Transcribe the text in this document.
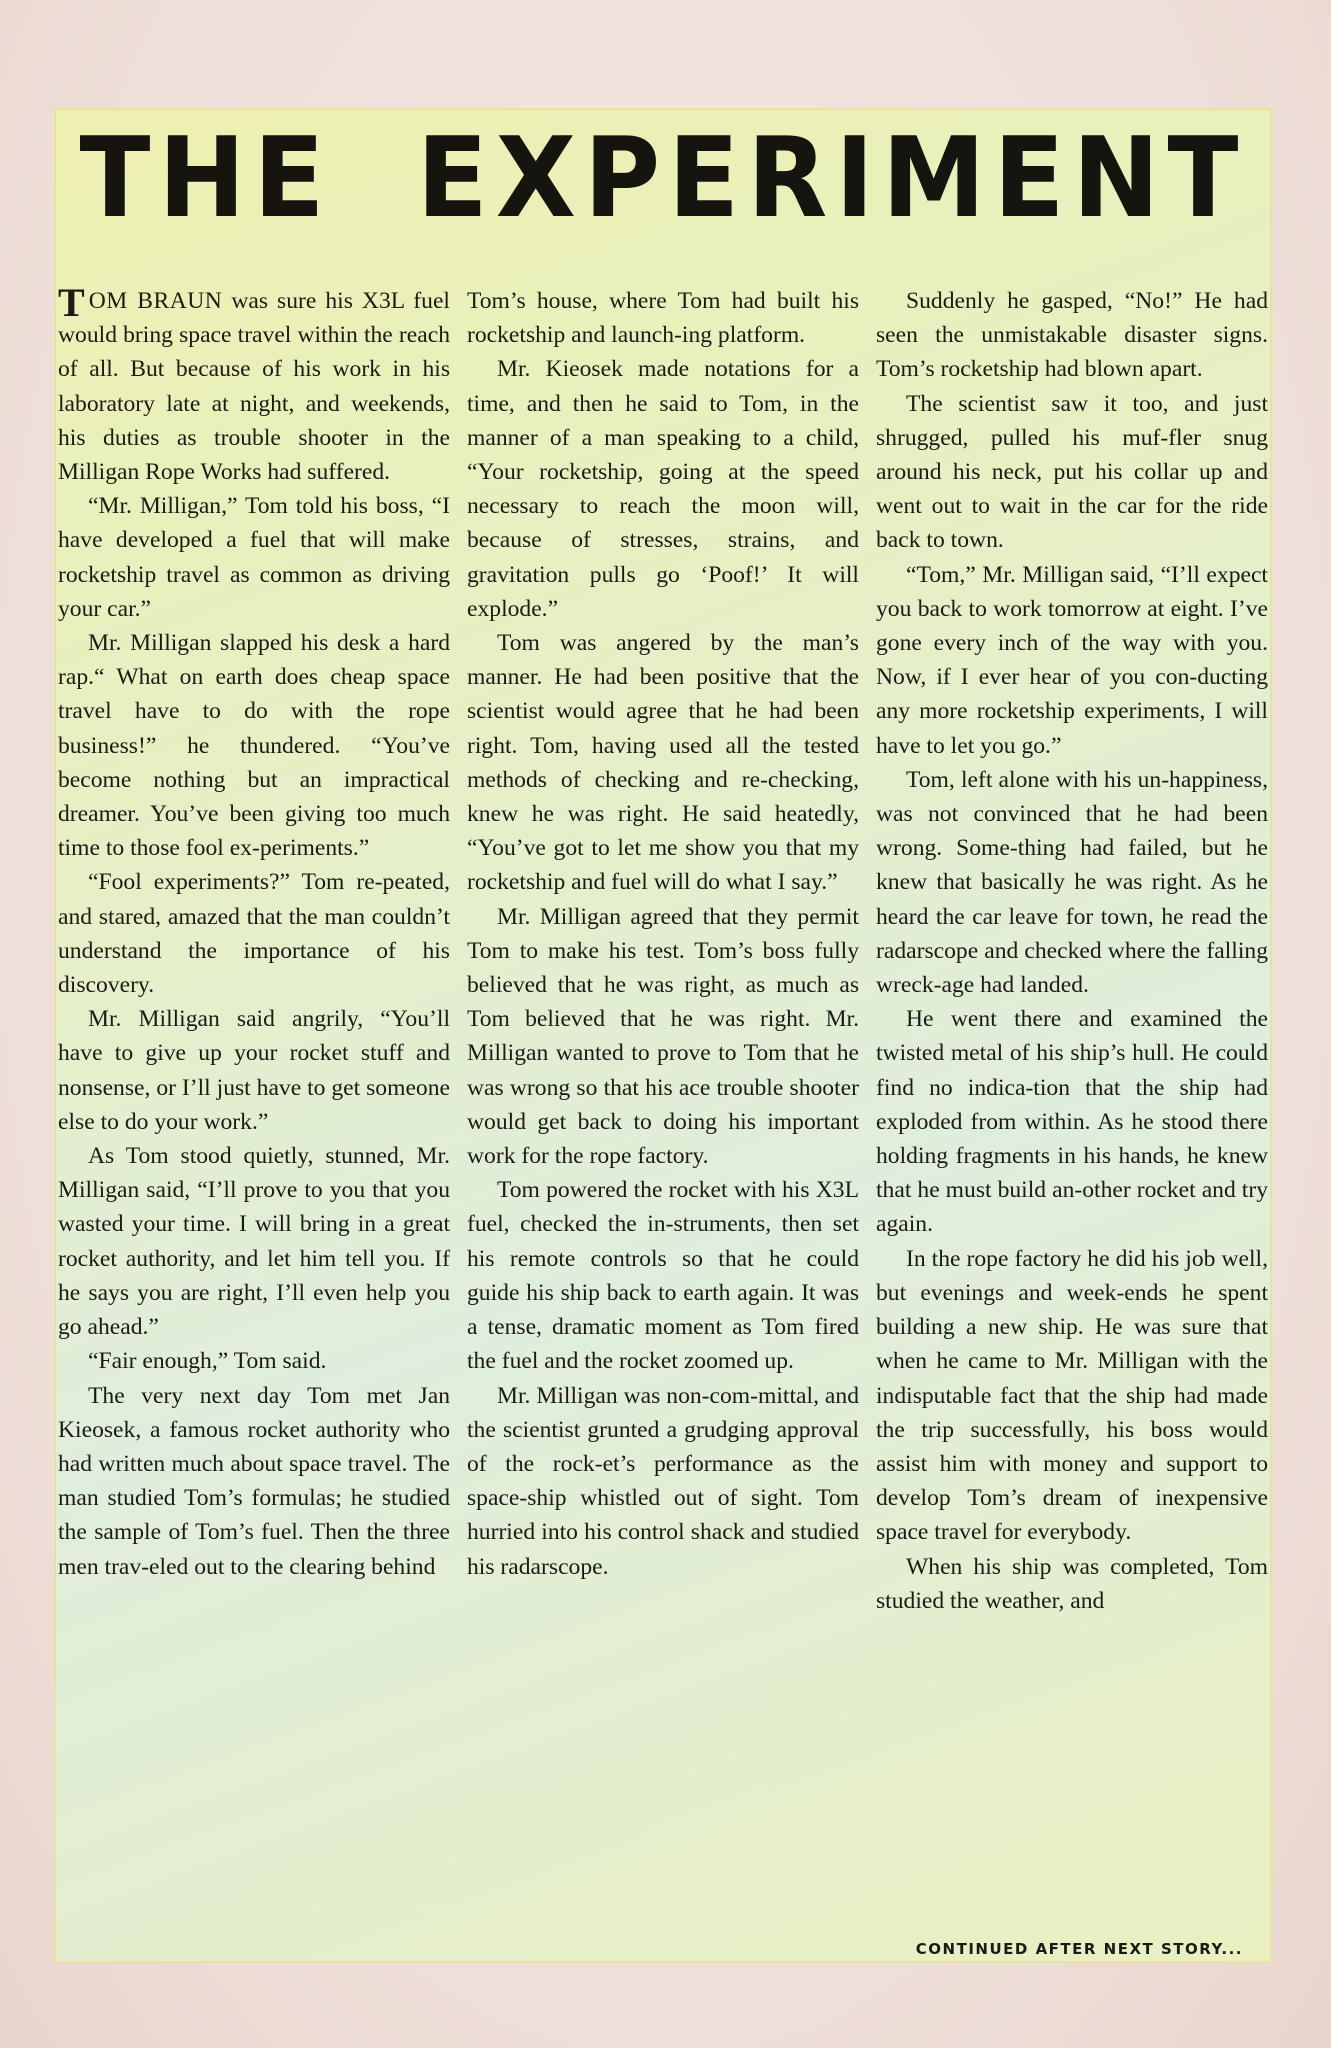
THE EXPERIMENT

TOM BRAUN was sure his X3L fuel would bring space travel within the reach of all. But because of his work in his laboratory late at night, and weekends, his duties as trouble shooter in the Milligan Rope Works had suffered.

“Mr. Milligan,” Tom told his boss, “I have developed a fuel that will make rocketship travel as common as driving your car.”

Mr. Milligan slapped his desk a hard rap.“ What on earth does cheap space travel have to do with the rope business!” he thundered. “You’ve become nothing but an impractical dreamer. You’ve been giving too much time to those fool ex-periments.”

“Fool experiments?” Tom re-peated, and stared, amazed that the man couldn’t understand the importance of his discovery.

Mr. Milligan said angrily, “You’ll have to give up your rocket stuff and nonsense, or I’ll just have to get someone else to do your work.”

As Tom stood quietly, stunned, Mr. Milligan said, “I’ll prove to you that you wasted your time. I will bring in a great rocket authority, and let him tell you. If he says you are right, I’ll even help you go ahead.”

“Fair enough,” Tom said.

The very next day Tom met Jan Kieosek, a famous rocket authority who had written much about space travel. The man studied Tom’s formulas; he studied the sample of Tom’s fuel. Then the three men trav-eled out to the clearing behind

Tom’s house, where Tom had built his rocketship and launch-ing platform.

Mr. Kieosek made notations for a time, and then he said to Tom, in the manner of a man speaking to a child, “Your rocketship, going at the speed necessary to reach the moon will, because of stresses, strains, and gravitation pulls go ‘Poof!’ It will explode.”

Tom was angered by the man’s manner. He had been positive that the scientist would agree that he had been right. Tom, having used all the tested methods of checking and re-checking, knew he was right. He said heatedly, “You’ve got to let me show you that my rocketship and fuel will do what I say.”

Mr. Milligan agreed that they permit Tom to make his test. Tom’s boss fully believed that he was right, as much as Tom believed that he was right. Mr. Milligan wanted to prove to Tom that he was wrong so that his ace trouble shooter would get back to doing his important work for the rope factory.

Tom powered the rocket with his X3L fuel, checked the in-struments, then set his remote controls so that he could guide his ship back to earth again. It was a tense, dramatic moment as Tom fired the fuel and the rocket zoomed up.

Mr. Milligan was non-com-mittal, and the scientist grunted a grudging approval of the rock-et’s performance as the space-ship whistled out of sight. Tom hurried into his control shack and studied his radarscope.

Suddenly he gasped, “No!” He had seen the unmistakable disaster signs. Tom’s rocketship had blown apart.

The scientist saw it too, and just shrugged, pulled his muf-fler snug around his neck, put his collar up and went out to wait in the car for the ride back to town.

“Tom,” Mr. Milligan said, “I’ll expect you back to work tomorrow at eight. I’ve gone every inch of the way with you. Now, if I ever hear of you con-ducting any more rocketship experiments, I will have to let you go.”

Tom, left alone with his un-happiness, was not convinced that he had been wrong. Some-thing had failed, but he knew that basically he was right. As he heard the car leave for town, he read the radarscope and checked where the falling wreck-age had landed.

He went there and examined the twisted metal of his ship’s hull. He could find no indica-tion that the ship had exploded from within. As he stood there holding fragments in his hands, he knew that he must build an-other rocket and try again.

In the rope factory he did his job well, but evenings and week-ends he spent building a new ship. He was sure that when he came to Mr. Milligan with the indisputable fact that the ship had made the trip successfully, his boss would assist him with money and support to develop Tom’s dream of inexpensive space travel for everybody.

When his ship was completed, Tom studied the weather, and

CONTINUED AFTER NEXT STORY...
